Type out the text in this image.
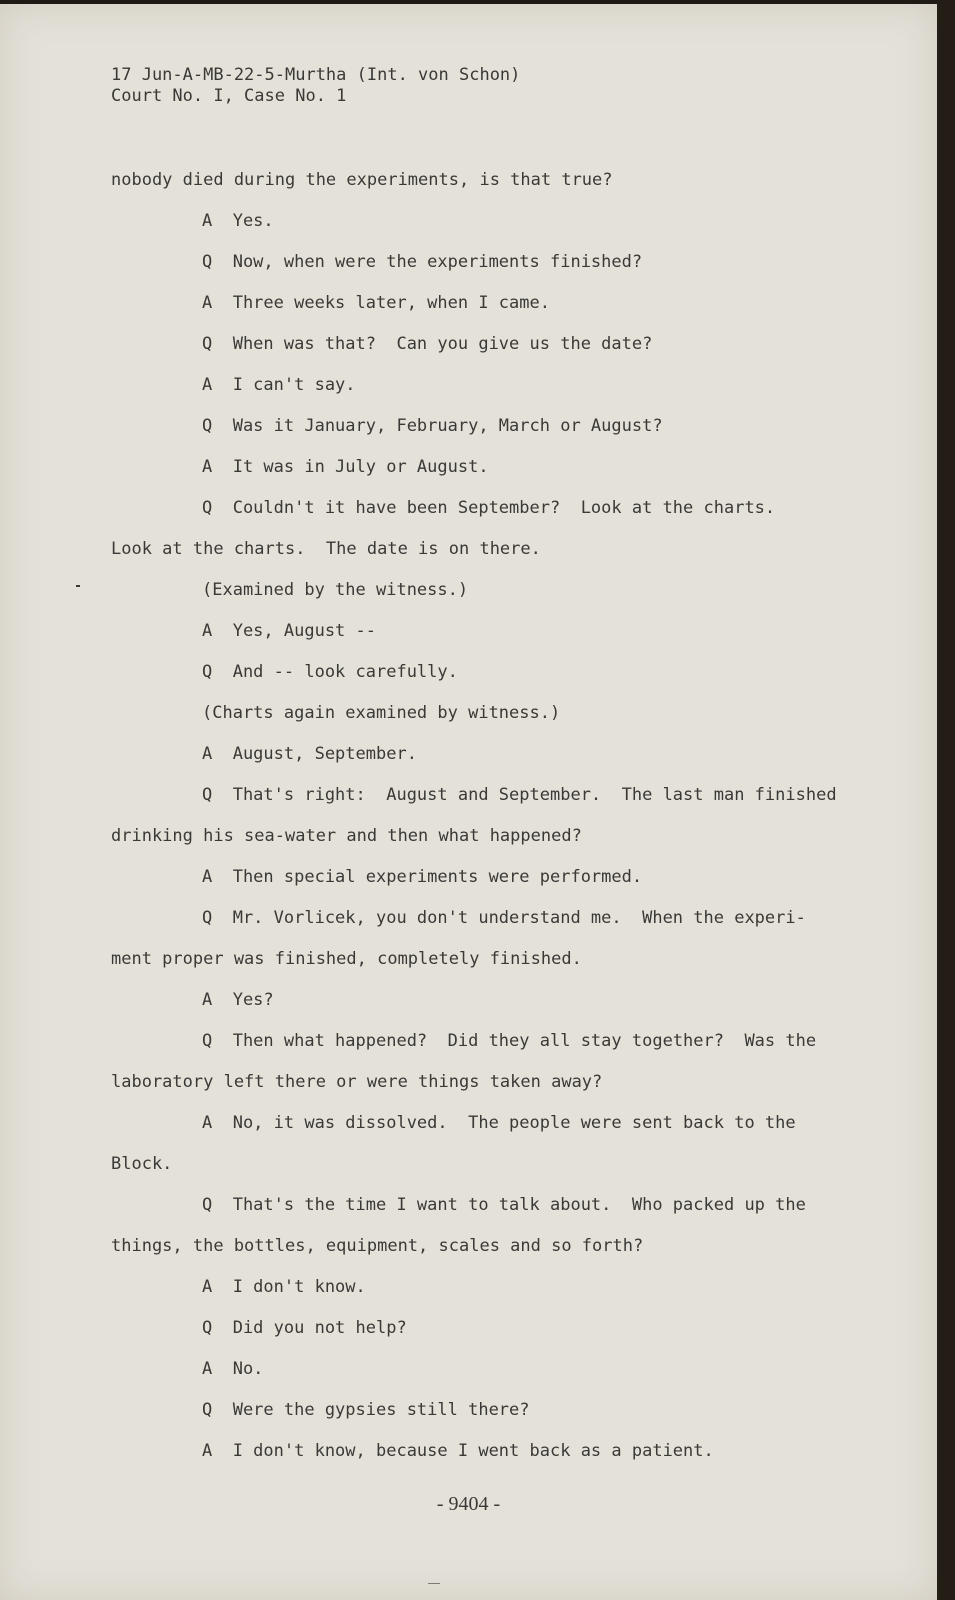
17 Jun-A-MB-22-5-Murtha (Int. von Schon)
Court No. I, Case No. 1
nobody died during the experiments, is that true?
A  Yes.
Q  Now, when were the experiments finished?
A  Three weeks later, when I came.
Q  When was that?  Can you give us the date?
A  I can't say.
Q  Was it January, February, March or August?
A  It was in July or August.
Q  Couldn't it have been September?  Look at the charts.
Look at the charts.  The date is on there.
(Examined by the witness.)
A  Yes, August --
Q  And -- look carefully.
(Charts again examined by witness.)
A  August, September.
Q  That's right:  August and September.  The last man finished
drinking his sea-water and then what happened?
A  Then special experiments were performed.
Q  Mr. Vorlicek, you don't understand me.  When the experi-
ment proper was finished, completely finished.
A  Yes?
Q  Then what happened?  Did they all stay together?  Was the
laboratory left there or were things taken away?
A  No, it was dissolved.  The people were sent back to the
Block.
Q  That's the time I want to talk about.  Who packed up the
things, the bottles, equipment, scales and so forth?
A  I don't know.
Q  Did you not help?
A  No.
Q  Were the gypsies still there?
A  I don't know, because I went back as a patient.
- 9404 -
